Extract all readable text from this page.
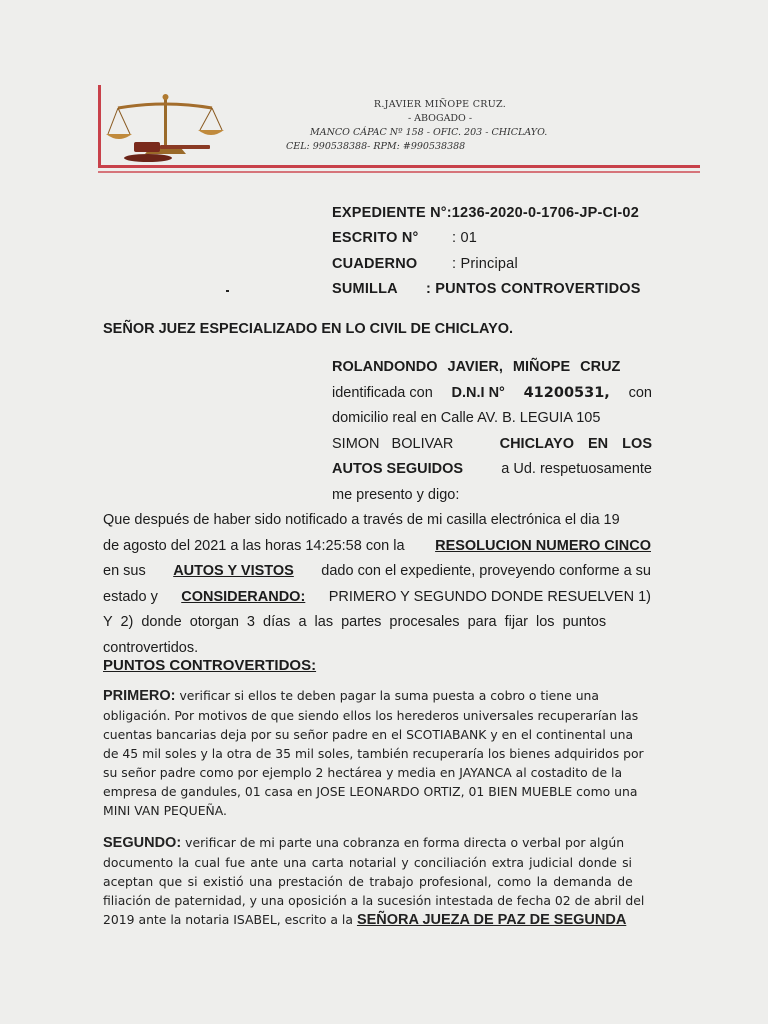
R.JAVIER MIÑOPE CRUZ.
- ABOGADO -
MANCO CÁPAC Nº 158 - OFIC. 203 - CHICLAYO.
CEL: 990538388- RPM: #990538388
EXPEDIENTE N°:1236-2020-0-1706-JP-CI-02
ESCRITO N° : 01
CUADERNO : Principal
SUMILLA : PUNTOS CONTROVERTIDOS
SEÑOR JUEZ ESPECIALIZADO EN LO CIVIL DE CHICLAYO.
ROLANDONDO JAVIER, MIÑOPE CRUZ
identificada con D.N.I N° 41200531, con
domicilio real en Calle AV. B. LEGUIA 105
SIMON BOLIVAR	CHICLAYO EN LOS
AUTOS SEGUIDOS	a Ud. respetuosamente
me presento y digo:
Que después de haber sido notificado a través de mi casilla electrónica el dia 19
de agosto del 2021 a las horas 14:25:58 con la RESOLUCION NUMERO CINCO
en sus AUTOS Y VISTOS dado con el expediente, proveyendo conforme a su
estado y CONSIDERANDO: PRIMERO Y SEGUNDO DONDE RESUELVEN 1)
Y 2) donde otorgan 3 días a las partes procesales para fijar los puntos
controvertidos.
PUNTOS CONTROVERTIDOS:
PRIMERO: verificar si ellos te deben pagar la suma puesta a cobro o tiene una
obligación. Por motivos de que siendo ellos los herederos universales recuperarían las
cuentas bancarias deja por su señor padre en el SCOTIABANK y en el continental una
de 45 mil soles y la otra de 35 mil soles, también recuperaría los bienes adquiridos por
su señor padre como por ejemplo 2 hectárea y media en JAYANCA al costadito de la
empresa de gandules, 01 casa en JOSE LEONARDO ORTIZ, 01 BIEN MUEBLE como una
MINI VAN PEQUEÑA.
SEGUNDO: verificar de mi parte una cobranza en forma directa o verbal por algún
documento la cual fue ante una carta notarial y conciliación extra judicial donde si
aceptan que si existió una prestación de trabajo profesional, como la demanda de
filiación de paternidad, y una oposición a la sucesión intestada de fecha 02 de abril del
2019 ante la notaria ISABEL, escrito a la SEÑORA JUEZA DE PAZ DE SEGUNDA
